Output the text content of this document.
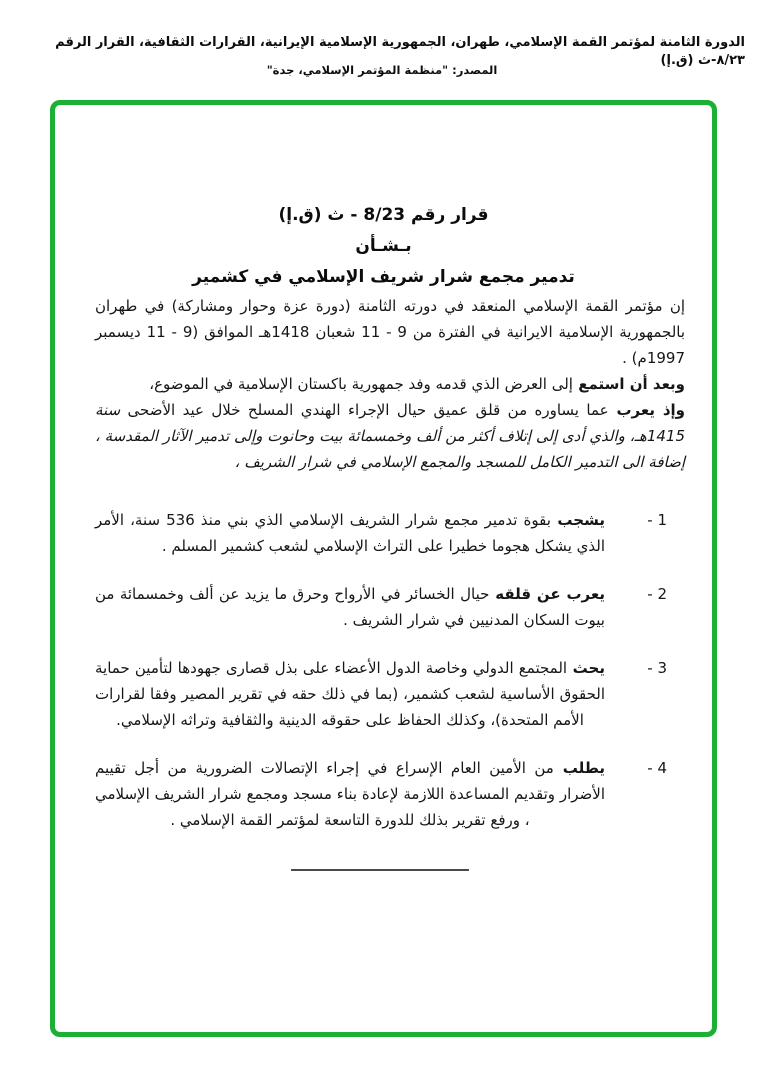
الدورة الثامنة لمؤتمر القمة الإسلامي، طهران، الجمهورية الإسلامية الإيرانية، القرارات الثقافية، القرار الرقم ٨/٢٣-ث (ق.إ)
المصدر: "منظمة المؤتمر الإسلامي، جدة"
قرار رقم 8/23 - ث (ق.إ)
بـشـأن
تدمير مجمع شرار شريف الإسلامي في كشمير

إن مؤتمر القمة الإسلامي المنعقد في دورته الثامنة (دورة عزة وحوار ومشاركة) في طهران بالجمهورية الإسلامية الايرانية في الفترة من 9 - 11 شعبان 1418هـ الموافق (9 - 11 ديسمبر 1997م) .

وبعد أن استمع إلى العرض الذي قدمه وفد جمهورية باكستان الإسلامية في الموضوع،

وإذ يعرب عما يساوره من قلق عميق حيال الإجراء الهندي المسلح خلال عيد الأضحى سنة 1415هـ، والذي أدى إلى إتلاف أكثر من ألف وخمسمائة بيت وحانوت وإلى تدمير الآثار المقدسة ، إضافة الى التدمير الكامل للمسجد والمجمع الإسلامي في شرار الشريف ،

1 -
يشجب بقوة تدمير مجمع شرار الشريف الإسلامي الذي بني منذ 536 سنة، الأمر الذي يشكل هجوما خطيرا على التراث الإسلامي لشعب كشمير المسلم .
2 -
يعرب عن قلقه حيال الخسائر في الأرواح وحرق ما يزيد عن ألف وخمسمائة من بيوت السكان المدنيين في شرار الشريف .
3 -
يحث المجتمع الدولي وخاصة الدول الأعضاء على بذل قصارى جهودها لتأمين حماية الحقوق الأساسية لشعب كشمير، (بما في ذلك حقه في تقرير المصير وفقا لقرارات الأمم المتحدة)، وكذلك الحفاظ على حقوقه الدينية والثقافية وتراثه الإسلامي.
4 -
يطلب من الأمين العام الإسراع في إجراء الإتصالات الضرورية من أجل تقييم الأضرار وتقديم المساعدة اللازمة لإعادة بناء مسجد ومجمع شرار الشريف الإسلامي ، ورفع تقرير بذلك للدورة التاسعة لمؤتمر القمة الإسلامي .
